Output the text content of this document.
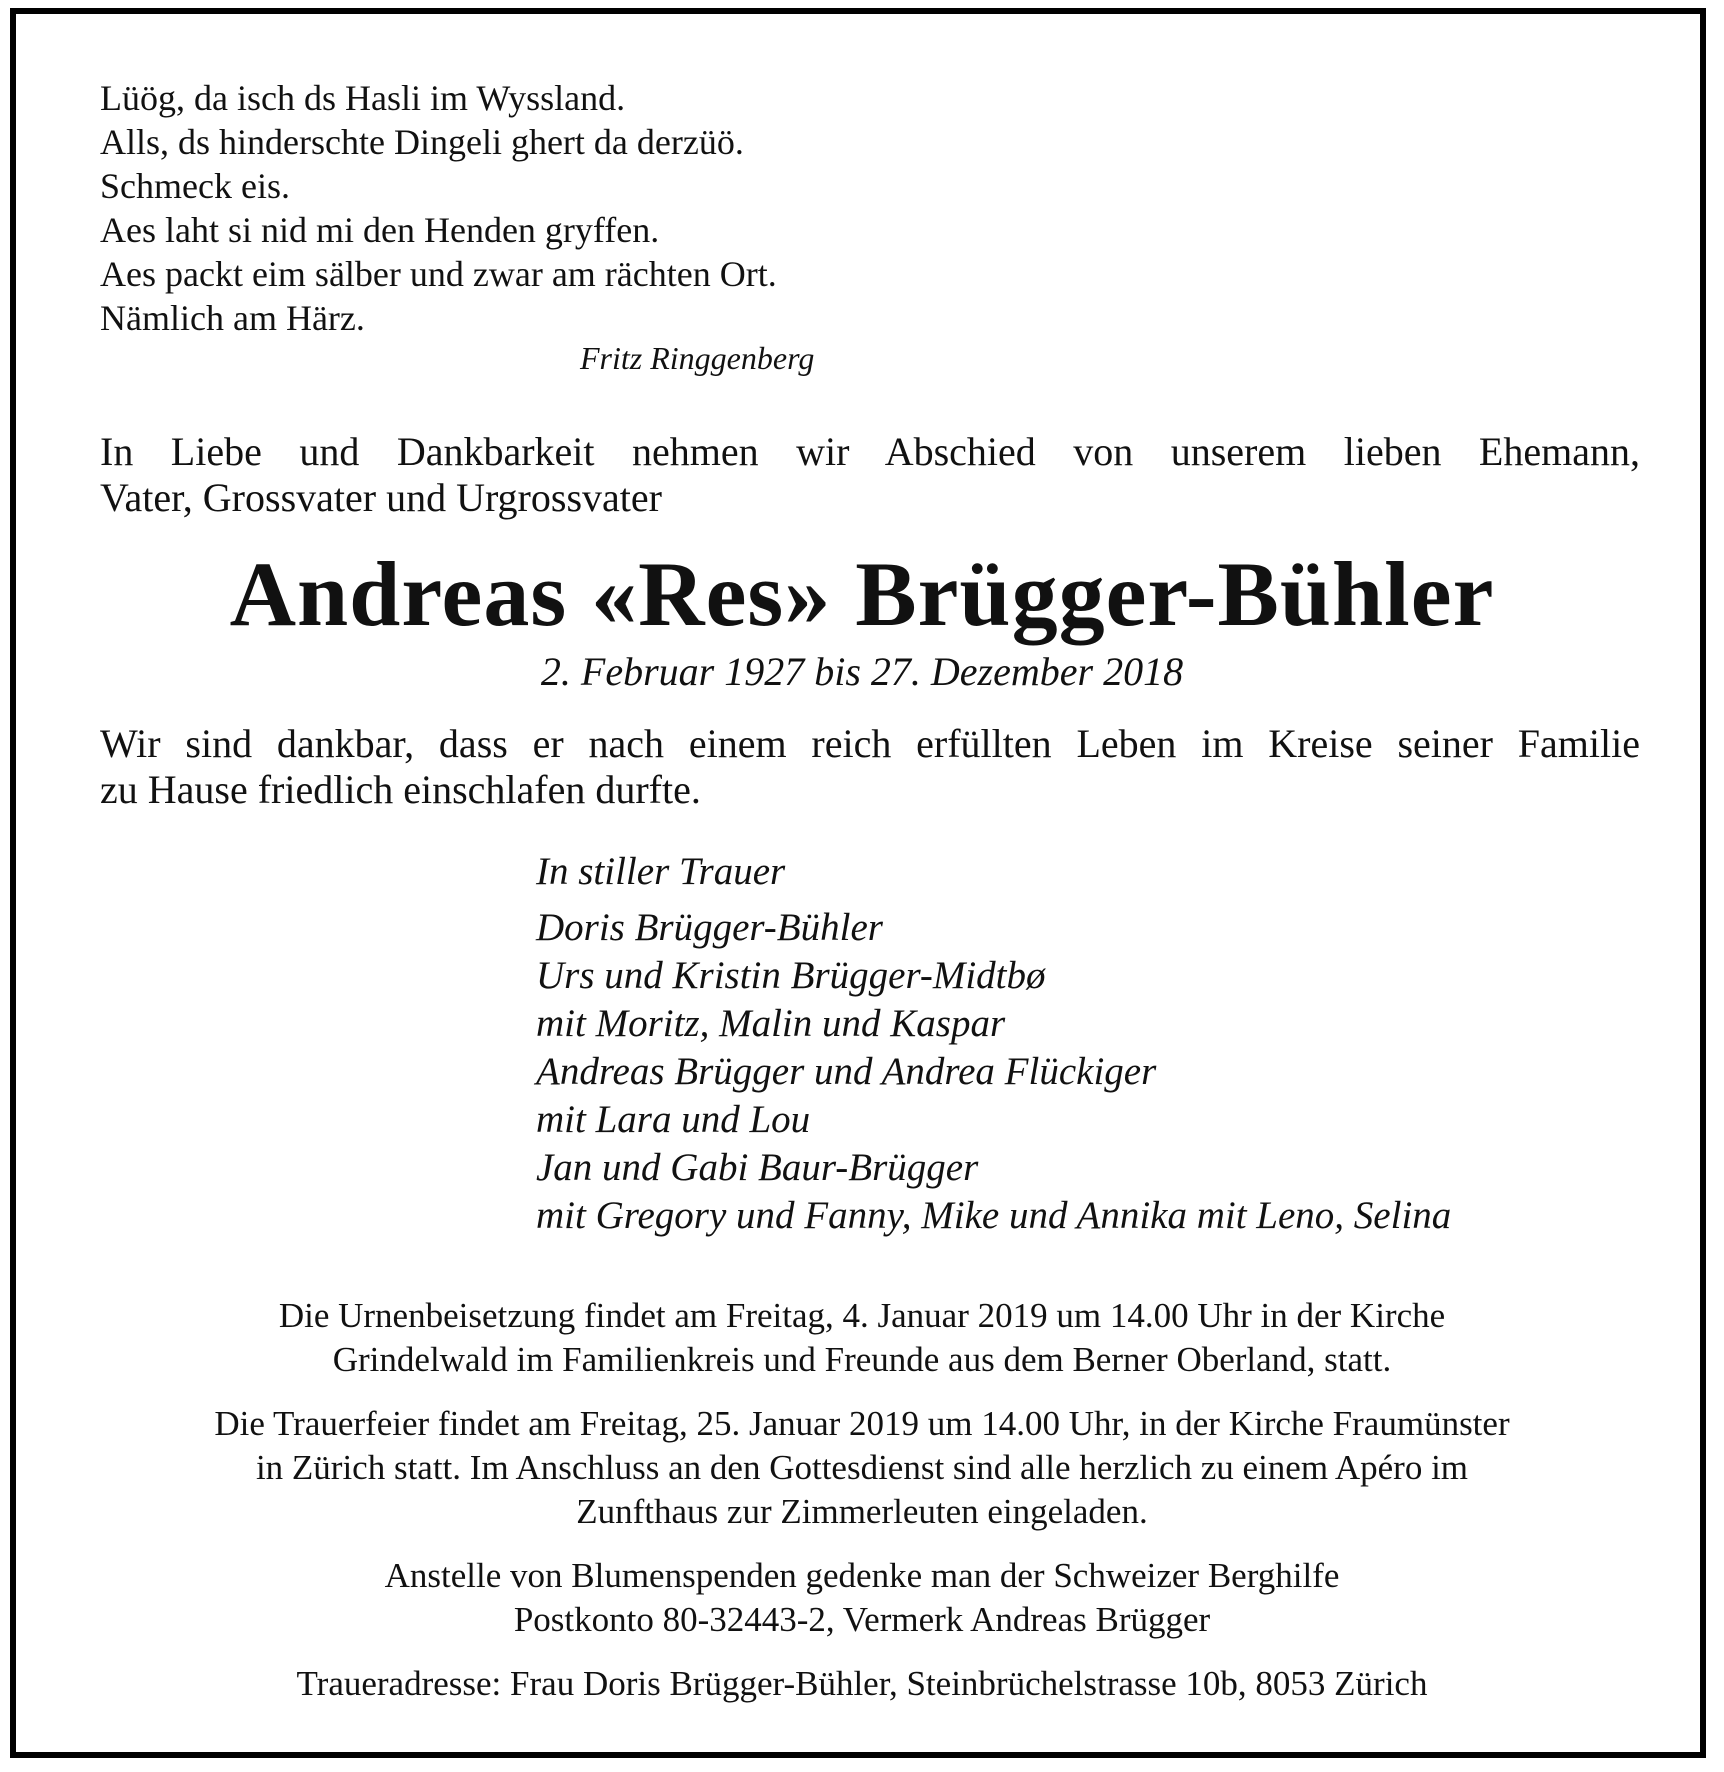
Lüög, da isch ds Hasli im Wyssland.
Alls, ds hinderschte Dingeli ghert da derzüö.
Schmeck eis.
Aes laht si nid mi den Henden gryffen.
Aes packt eim sälber und zwar am rächten Ort.
Nämlich am Härz.
Fritz Ringgenberg
In Liebe und Dankbarkeit nehmen wir Abschied von unserem lieben Ehemann,
Vater, Grossvater und Urgrossvater
Andreas «Res» Brügger-Bühler
2. Februar 1927 bis 27. Dezember 2018
Wir sind dankbar, dass er nach einem reich erfüllten Leben im Kreise seiner Familie
zu Hause friedlich einschlafen durfte.
In stiller Trauer
Doris Brügger-Bühler
Urs und Kristin Brügger-Midtbø
mit Moritz, Malin und Kaspar
Andreas Brügger und Andrea Flückiger
mit Lara und Lou
Jan und Gabi Baur-Brügger
mit Gregory und Fanny, Mike und Annika mit Leno, Selina
Die Urnenbeisetzung findet am Freitag, 4. Januar 2019 um 14.00 Uhr in der Kirche
Grindelwald im Familienkreis und Freunde aus dem Berner Oberland, statt.
Die Trauerfeier findet am Freitag, 25. Januar 2019 um 14.00 Uhr, in der Kirche Fraumünster
in Zürich statt. Im Anschluss an den Gottesdienst sind alle herzlich zu einem Apéro im
Zunfthaus zur Zimmerleuten eingeladen.
Anstelle von Blumenspenden gedenke man der Schweizer Berghilfe
Postkonto 80-32443-2, Vermerk Andreas Brügger
Traueradresse: Frau Doris Brügger-Bühler, Steinbrüchelstrasse 10b, 8053 Zürich
